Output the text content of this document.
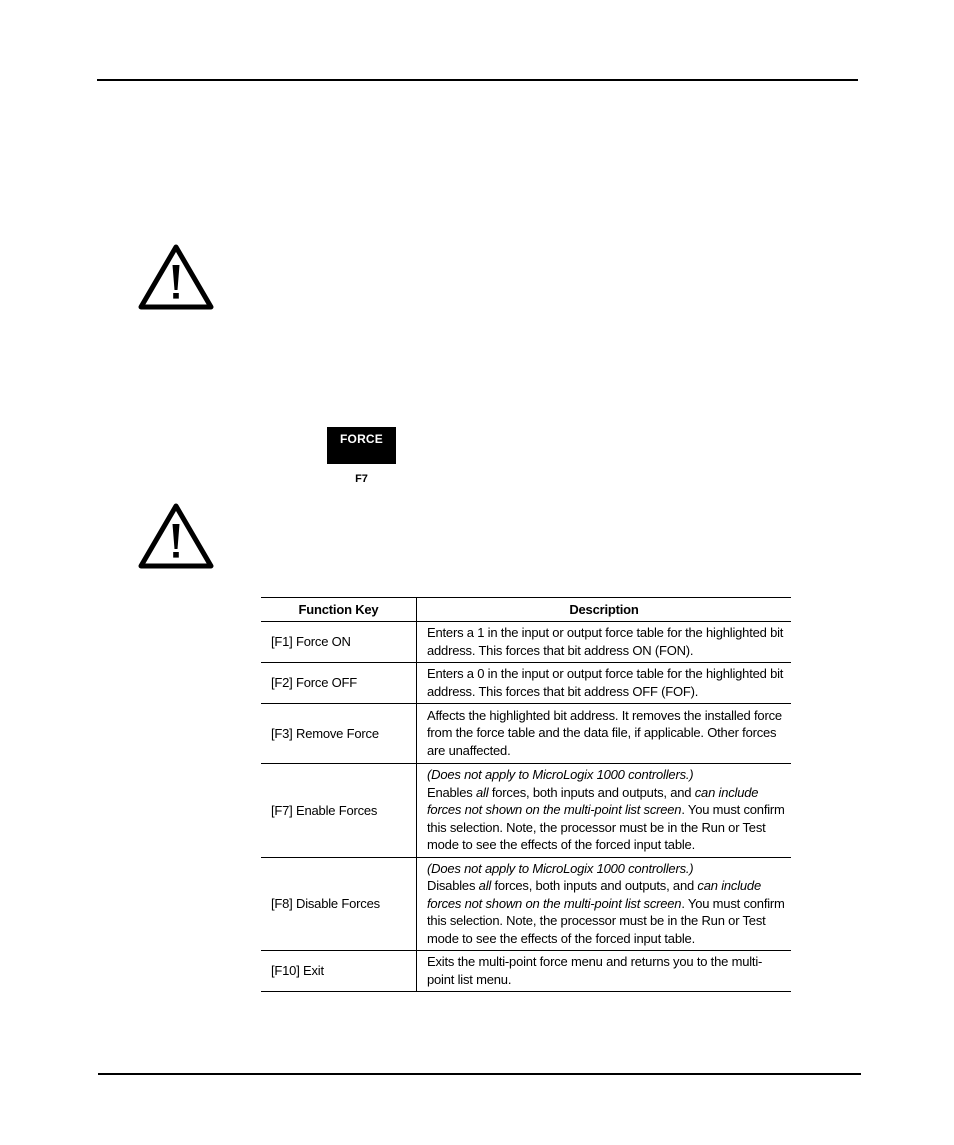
FORCE
F7
Function Key	Description
[F1] Force ON	Enters a 1 in the input or output force table for the highlighted bit address. This forces that bit address ON (FON).
[F2] Force OFF	Enters a 0 in the input or output force table for the highlighted bit address. This forces that bit address OFF (FOF).
[F3] Remove Force	Affects the highlighted bit address. It removes the installed force from the force table and the data file, if applicable. Other forces are unaffected.
[F7] Enable Forces	(Does not apply to MicroLogix 1000 controllers.)
Enables all forces, both inputs and outputs, and can include forces not shown on the multi-point list screen. You must confirm this selection. Note, the processor must be in the Run or Test mode to see the effects of the forced input table.
[F8] Disable Forces	(Does not apply to MicroLogix 1000 controllers.)
Disables all forces, both inputs and outputs, and can include forces not shown on the multi-point list screen. You must confirm this selection. Note, the processor must be in the Run or Test mode to see the effects of the forced input table.
[F10] Exit	Exits the multi-point force menu and returns you to the multi-point list menu.
